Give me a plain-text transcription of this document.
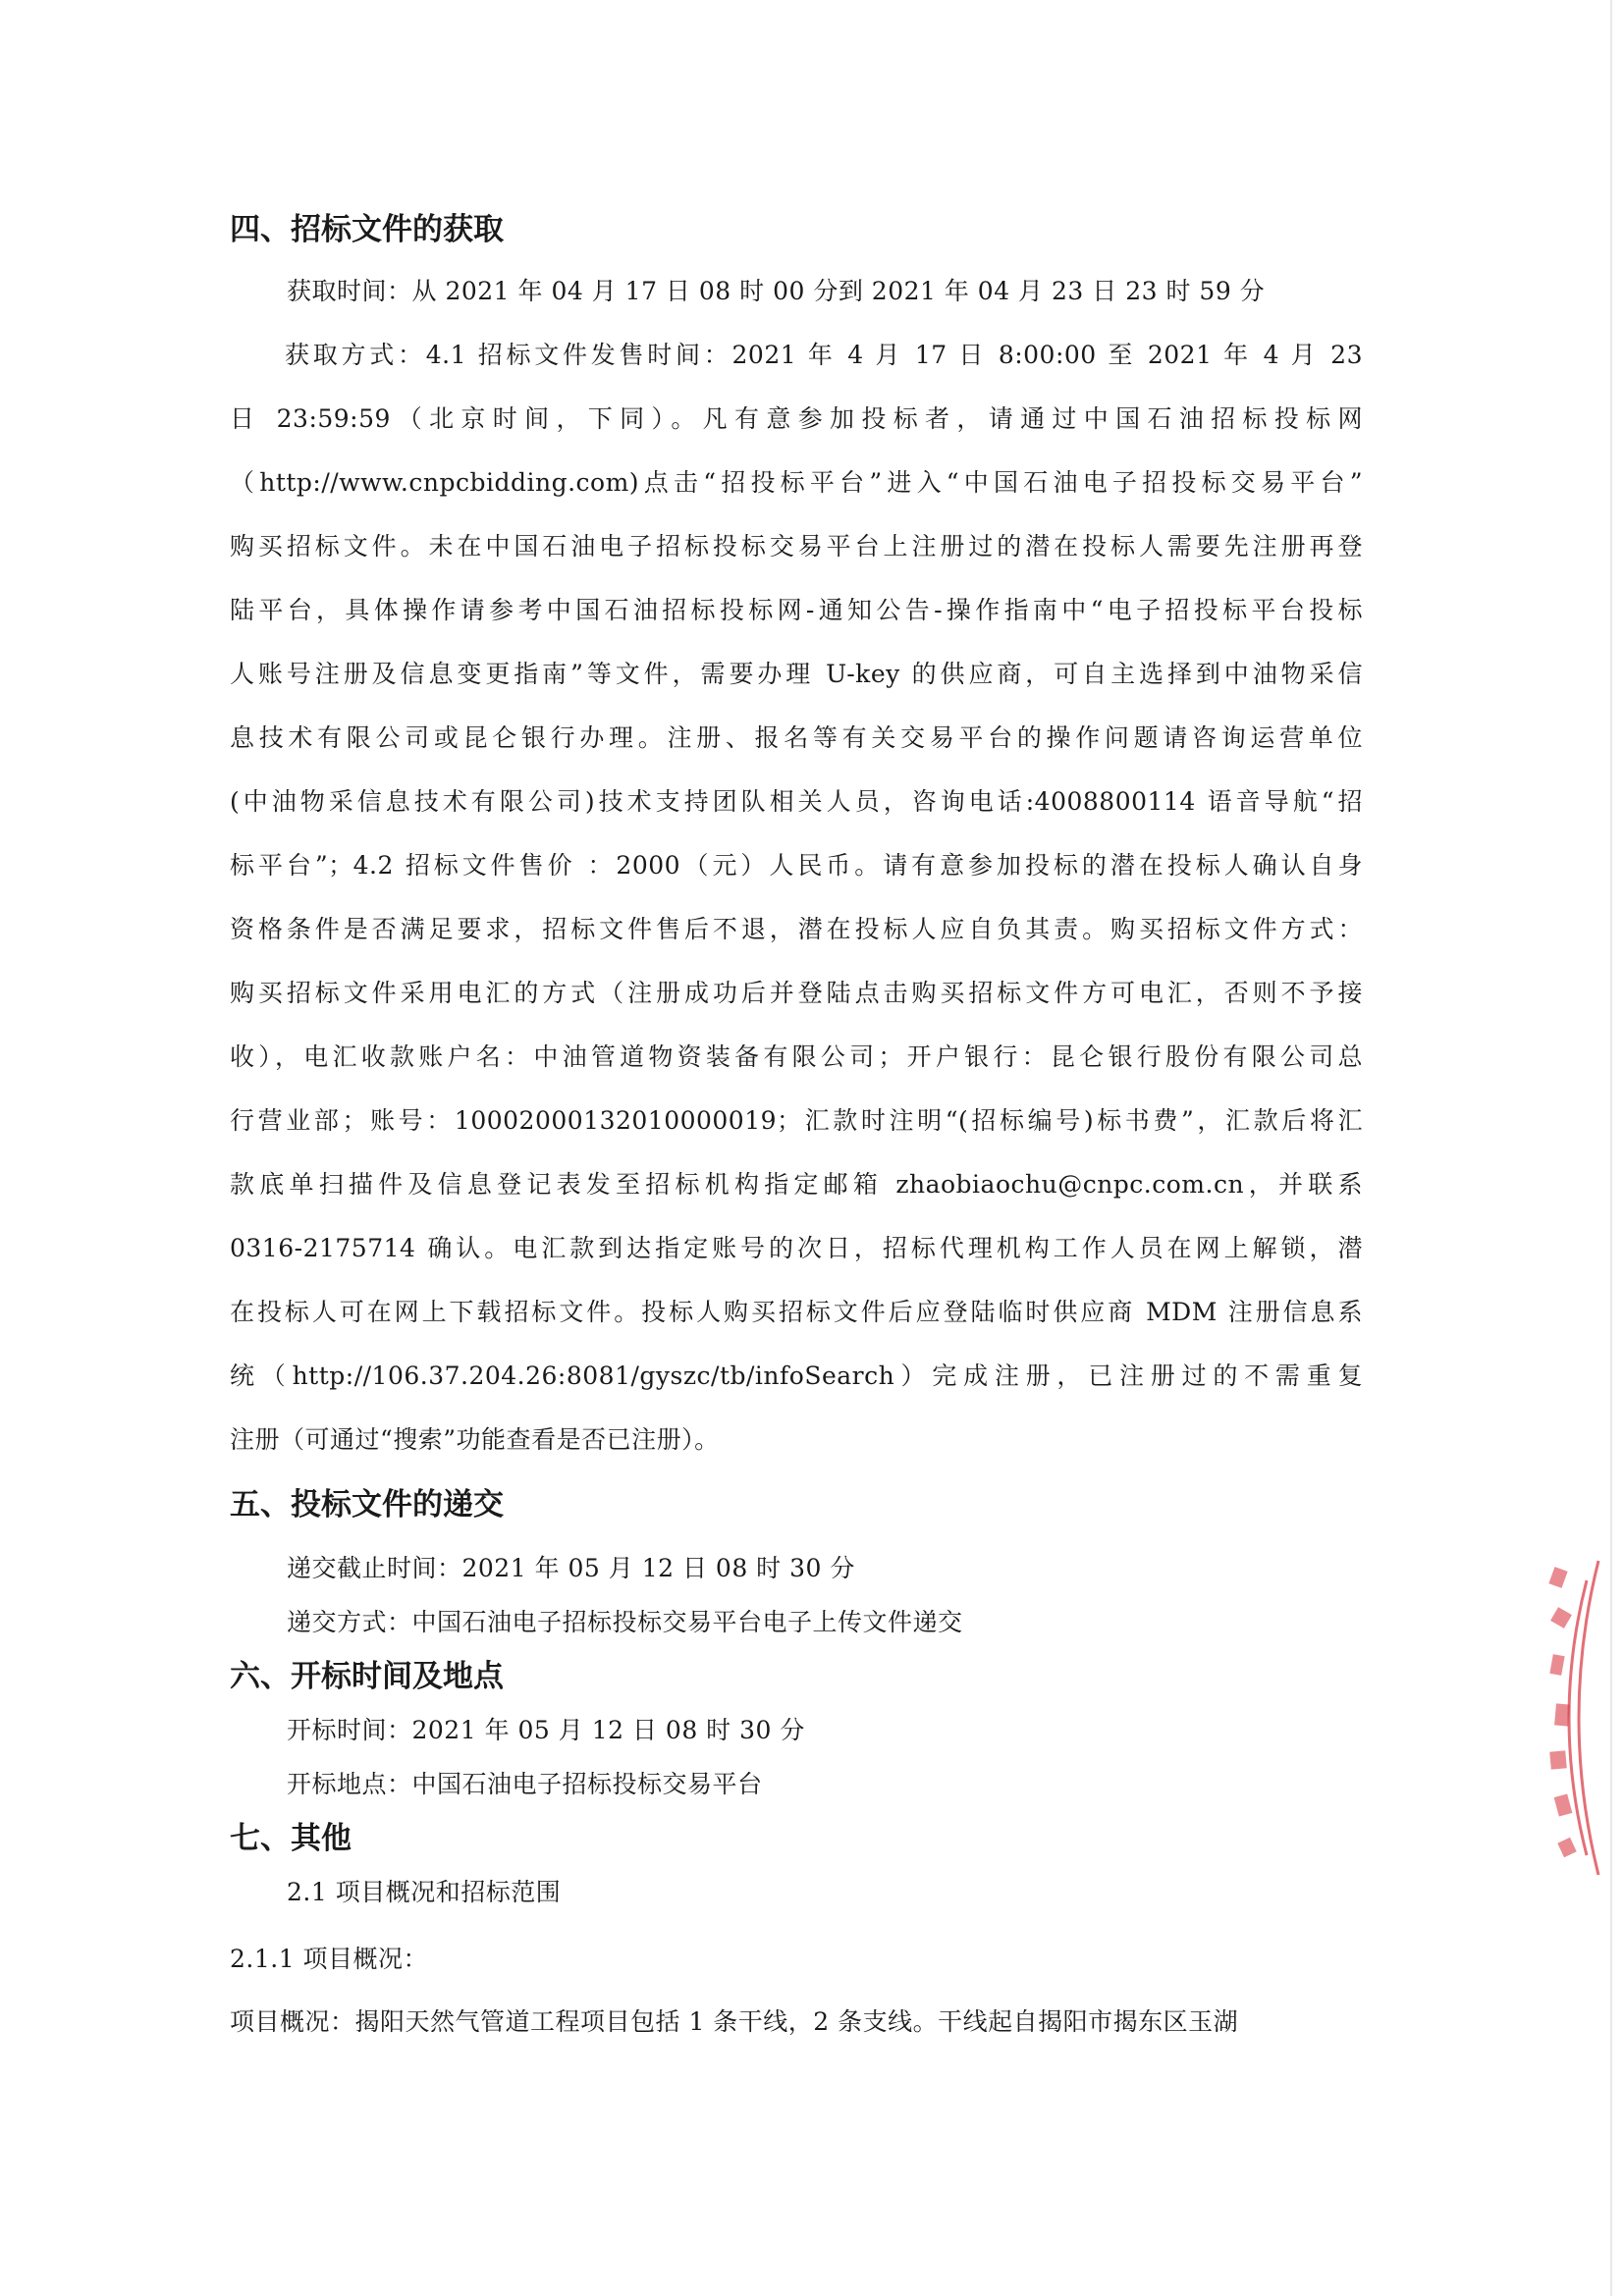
四、招标文件的获取
获取时间：从 2021 年 04 月 17 日 08 时 00 分到 2021 年 04 月 23 日 23 时 59 分
获取方式：4.1 招标文件发售时间：2021 年 4 月 17 日 8:00:00 至 2021 年 4 月 23
日 23:59:59（北京时间，下同）。凡有意参加投标者，请通过中国石油招标投标网
（http://www.cnpcbidding.com)点击“招投标平台”进入“中国石油电子招投标交易平台”
购买招标文件。未在中国石油电子招标投标交易平台上注册过的潜在投标人需要先注册再登
陆平台，具体操作请参考中国石油招标投标网-通知公告-操作指南中“电子招投标平台投标
人账号注册及信息变更指南”等文件，需要办理 U-key 的供应商，可自主选择到中油物采信
息技术有限公司或昆仑银行办理。注册、报名等有关交易平台的操作问题请咨询运营单位
(中油物采信息技术有限公司)技术支持团队相关人员，咨询电话:4008800114 语音导航“招
标平台”；4.2 招标文件售价 ：2000（元）人民币。请有意参加投标的潜在投标人确认自身
资格条件是否满足要求，招标文件售后不退，潜在投标人应自负其责。购买招标文件方式：
购买招标文件采用电汇的方式（注册成功后并登陆点击购买招标文件方可电汇，否则不予接
收），电汇收款账户名：中油管道物资装备有限公司；开户银行：昆仑银行股份有限公司总
行营业部；账号：10002000132010000019；汇款时注明“(招标编号)标书费”，汇款后将汇
款底单扫描件及信息登记表发至招标机构指定邮箱 zhaobiaochu@cnpc.com.cn，并联系
0316-2175714 确认。电汇款到达指定账号的次日，招标代理机构工作人员在网上解锁，潜
在投标人可在网上下载招标文件。投标人购买招标文件后应登陆临时供应商 MDM 注册信息系
统（http://106.37.204.26:8081/gyszc/tb/infoSearch）完成注册，已注册过的不需重复
注册（可通过“搜索”功能查看是否已注册）。
五、投标文件的递交
递交截止时间：2021 年 05 月 12 日 08 时 30 分
递交方式：中国石油电子招标投标交易平台电子上传文件递交
六、开标时间及地点
开标时间：2021 年 05 月 12 日 08 时 30 分
开标地点：中国石油电子招标投标交易平台
七、其他
2.1 项目概况和招标范围
2.1.1 项目概况：
项目概况：揭阳天然气管道工程项目包括 1 条干线，2 条支线。干线起自揭阳市揭东区玉湖
